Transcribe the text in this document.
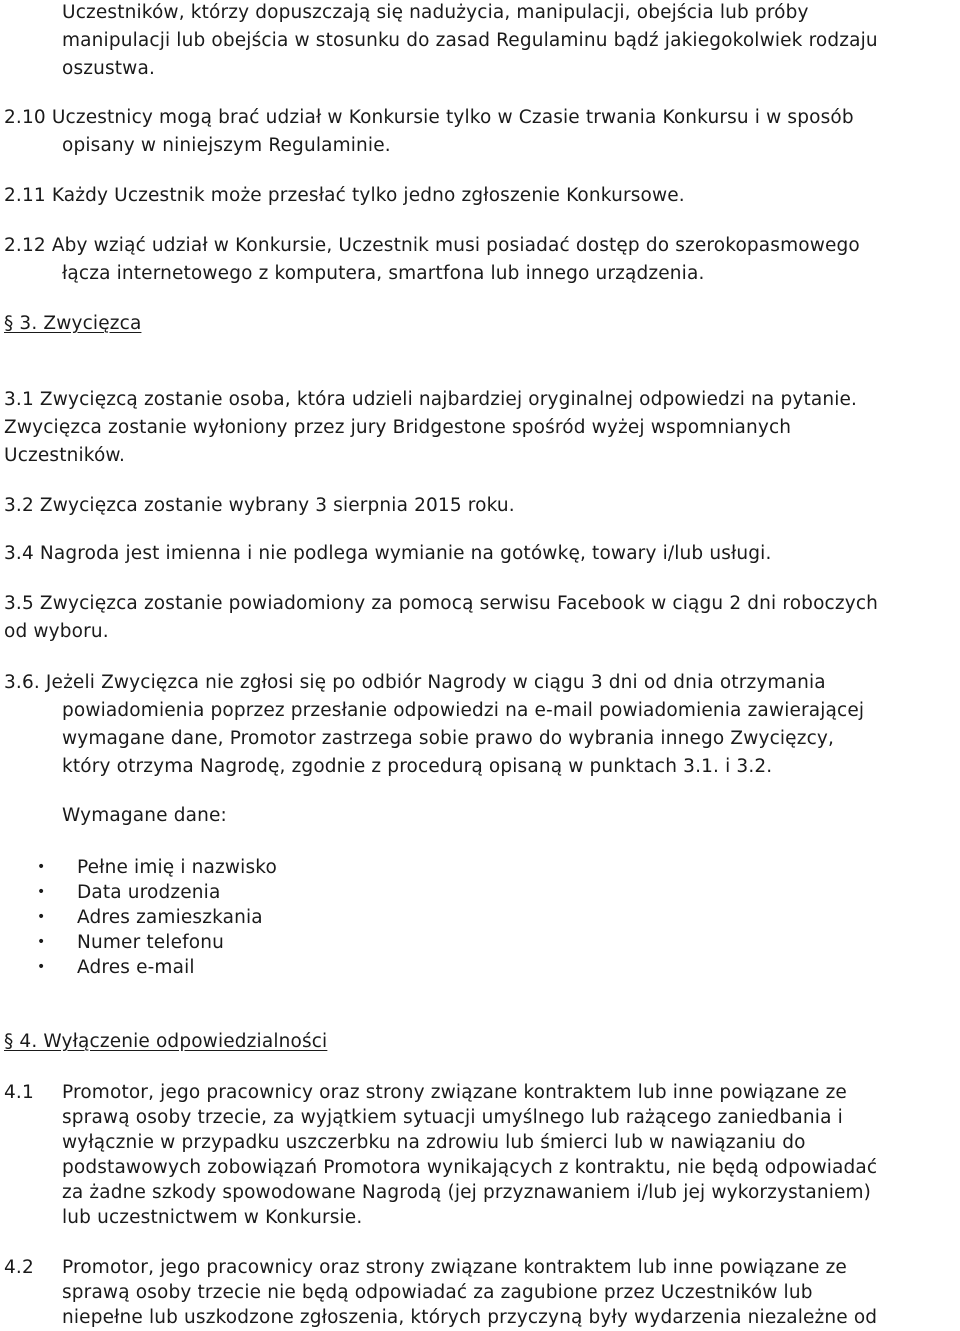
Uczestników, którzy dopuszczają się nadużycia, manipulacji, obejścia lub próby
manipulacji lub obejścia w stosunku do zasad Regulaminu bądź jakiegokolwiek rodzaju
oszustwa.
2.10 Uczestnicy mogą brać udział w Konkursie tylko w Czasie trwania Konkursu i w sposób
opisany w niniejszym Regulaminie.
2.11 Każdy Uczestnik może przesłać tylko jedno zgłoszenie Konkursowe.
2.12 Aby wziąć udział w Konkursie, Uczestnik musi posiadać dostęp do szerokopasmowego
łącza internetowego z komputera, smartfona lub innego urządzenia.
§ 3. Zwycięzca
3.1 Zwycięzcą zostanie osoba, która udzieli najbardziej oryginalnej odpowiedzi na pytanie.
Zwycięzca zostanie wyłoniony przez jury Bridgestone spośród wyżej wspomnianych
Uczestników.
3.2 Zwycięzca zostanie wybrany 3 sierpnia 2015 roku.
3.4 Nagroda jest imienna i nie podlega wymianie na gotówkę, towary i/lub usługi.
3.5 Zwycięzca zostanie powiadomiony za pomocą serwisu Facebook w ciągu 2 dni roboczych
od wyboru.
3.6. Jeżeli Zwycięzca nie zgłosi się po odbiór Nagrody w ciągu 3 dni od dnia otrzymania
powiadomienia poprzez przesłanie odpowiedzi na e-mail powiadomienia zawierającej
wymagane dane, Promotor zastrzega sobie prawo do wybrania innego Zwycięzcy,
który otrzyma Nagrodę, zgodnie z procedurą opisaną w punktach 3.1. i 3.2.
Wymagane dane:
• Pełne imię i nazwisko
• Data urodzenia
• Adres zamieszkania
• Numer telefonu
• Adres e-mail
§ 4. Wyłączenie odpowiedzialności
4.1 Promotor, jego pracownicy oraz strony związane kontraktem lub inne powiązane ze
sprawą osoby trzecie, za wyjątkiem sytuacji umyślnego lub rażącego zaniedbania i
wyłącznie w przypadku uszczerbku na zdrowiu lub śmierci lub w nawiązaniu do
podstawowych zobowiązań Promotora wynikających z kontraktu, nie będą odpowiadać
za żadne szkody spowodowane Nagrodą (jej przyznawaniem i/lub jej wykorzystaniem)
lub uczestnictwem w Konkursie.
4.2 Promotor, jego pracownicy oraz strony związane kontraktem lub inne powiązane ze
sprawą osoby trzecie nie będą odpowiadać za zagubione przez Uczestników lub
niepełne lub uszkodzone zgłoszenia, których przyczyną były wydarzenia niezależne od
